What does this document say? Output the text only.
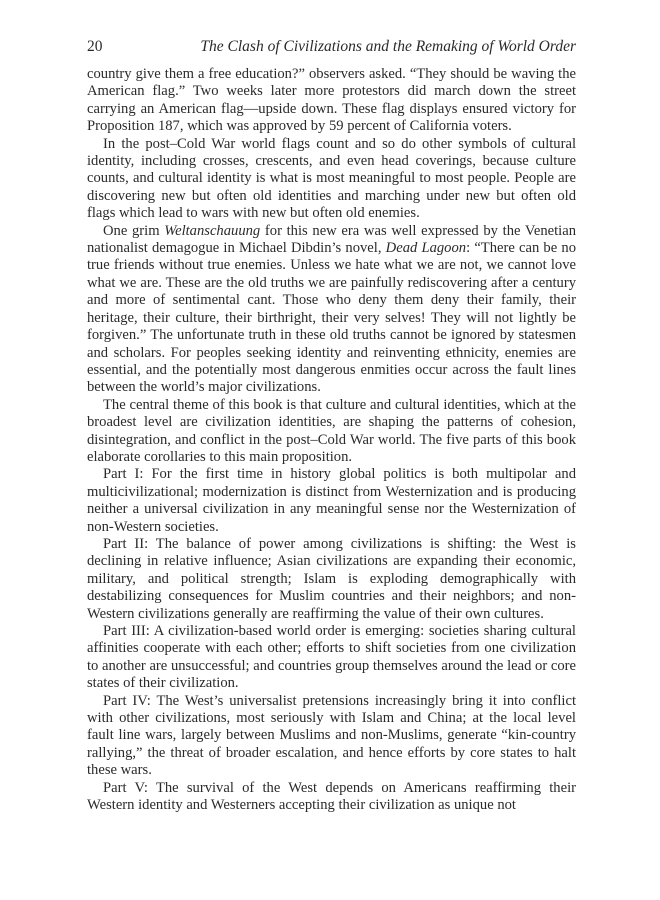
20	The Clash of Civilizations and the Remaking of World Order

country give them a free education?” observers asked. “They should be waving the American flag.” Two weeks later more protestors did march down the street carrying an American flag—upside down. These flag displays ensured victory for Proposition 187, which was approved by 59 percent of California voters.

In the post–Cold War world flags count and so do other symbols of cultural identity, including crosses, crescents, and even head coverings, because culture counts, and cultural identity is what is most meaningful to most people. People are discovering new but often old identities and marching under new but often old flags which lead to wars with new but often old enemies.

One grim Weltanschauung for this new era was well expressed by the Venetian nationalist demagogue in Michael Dibdin’s novel, Dead Lagoon: “There can be no true friends without true enemies. Unless we hate what we are not, we cannot love what we are. These are the old truths we are painfully rediscovering after a century and more of sentimental cant. Those who deny them deny their family, their heritage, their culture, their birthright, their very selves! They will not lightly be forgiven.” The unfortunate truth in these old truths cannot be ignored by statesmen and scholars. For peoples seeking identity and reinventing ethnicity, enemies are essential, and the potentially most dangerous enmities occur across the fault lines between the world’s major civilizations.

The central theme of this book is that culture and cultural identities, which at the broadest level are civilization identities, are shaping the patterns of cohesion, disintegration, and conflict in the post–Cold War world. The five parts of this book elaborate corollaries to this main proposition.

Part I: For the first time in history global politics is both multipolar and multicivilizational; modernization is distinct from Westernization and is producing neither a universal civilization in any meaningful sense nor the Westernization of non-Western societies.

Part II: The balance of power among civilizations is shifting: the West is declining in relative influence; Asian civilizations are expanding their economic, military, and political strength; Islam is exploding demographically with destabilizing consequences for Muslim countries and their neighbors; and non-Western civilizations generally are reaffirming the value of their own cultures.

Part III: A civilization-based world order is emerging: societies sharing cultural affinities cooperate with each other; efforts to shift societies from one civilization to another are unsuccessful; and countries group themselves around the lead or core states of their civilization.

Part IV: The West’s universalist pretensions increasingly bring it into conflict with other civilizations, most seriously with Islam and China; at the local level fault line wars, largely between Muslims and non-Muslims, generate “kin-country rallying,” the threat of broader escalation, and hence efforts by core states to halt these wars.

Part V: The survival of the West depends on Americans reaffirming their Western identity and Westerners accepting their civilization as unique not
